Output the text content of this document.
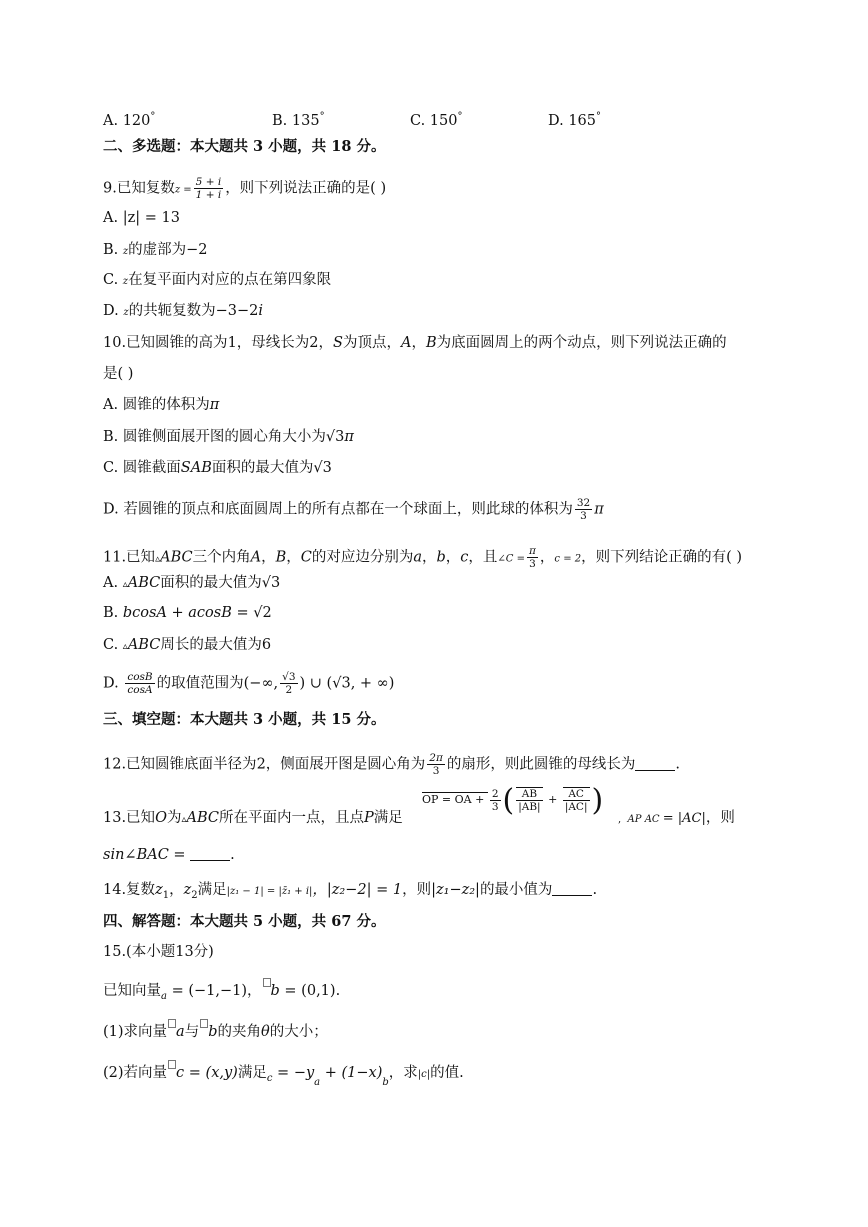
A. 120°	B. 135°	C. 150°	D. 165°
二、多选题：本大题共 3 小题，共 18 分。
9.已知复数$z = \frac{5 + i}{1 + i}$ ，则下列说法正确的是( )
A. |z| = 13
B. z的虚部为−2
C. z在复平面内对应的点在第四象限
D. z的共轭复数为−3−2i
10.已知圆锥的高为1，母线长为2，S为顶点，A，B为底面圆周上的两个动点，则下列说法正确的
是( )
A. 圆锥的体积为π
B. 圆锥侧面展开图的圆心角大小为√3π
C. 圆锥截面SAB面积的最大值为√3
D. 若圆锥的顶点和底面圆周上的所有点都在一个球面上，则此球的体积为 $\frac{32}{3}$ π
11.已知▵ABC三个内角A，B，C的对应边分别为a，b，c，且∠C = $\frac{\pi}{3}$ ，c = 2，则下列结论正确的有( )
A. ▵ABC面积的最大值为√3
B. bcosA + acosB = √2
C. ▵ABC周长的最大值为6
D. $\frac{\cos B}{\cos A}$ 的取值范围为(−∞, $\frac{√3}{2}$ ) ∪ (√3, + ∞)
三、填空题：本大题共 3 小题，共 15 分。
12.已知圆锥底面半径为2，侧面展开图是圆心角为 $\frac{2\pi}{3}$ 的扇形，则此圆锥的母线长为	.
13.已知O为▵ABC所在平面内一点，且点P满足
OP = OA + $\frac{2}{3}$ ( $\frac{AB}{|AB|} + \frac{AC}{|AC|}$ )
, AP AC = |AC|，则
sin∠BAC =	.
14.复数$z_1$，$z_2$满足|z₁ − 1| = |z̄₁ + i|，|z₂−2| = 1，则|z₁−z₂|的最小值为	.
四、解答题：本大题共 5 小题，共 67 分。
15.(本小题13分)
已知向量$_a$ = (−1,−1)， b = (0,1).
(1)求向量 a与 b的夹角θ的大小；
(2)若向量 c = (x,y)满足$_c = -y_a + (1-x)_b$，求|c|的值.
